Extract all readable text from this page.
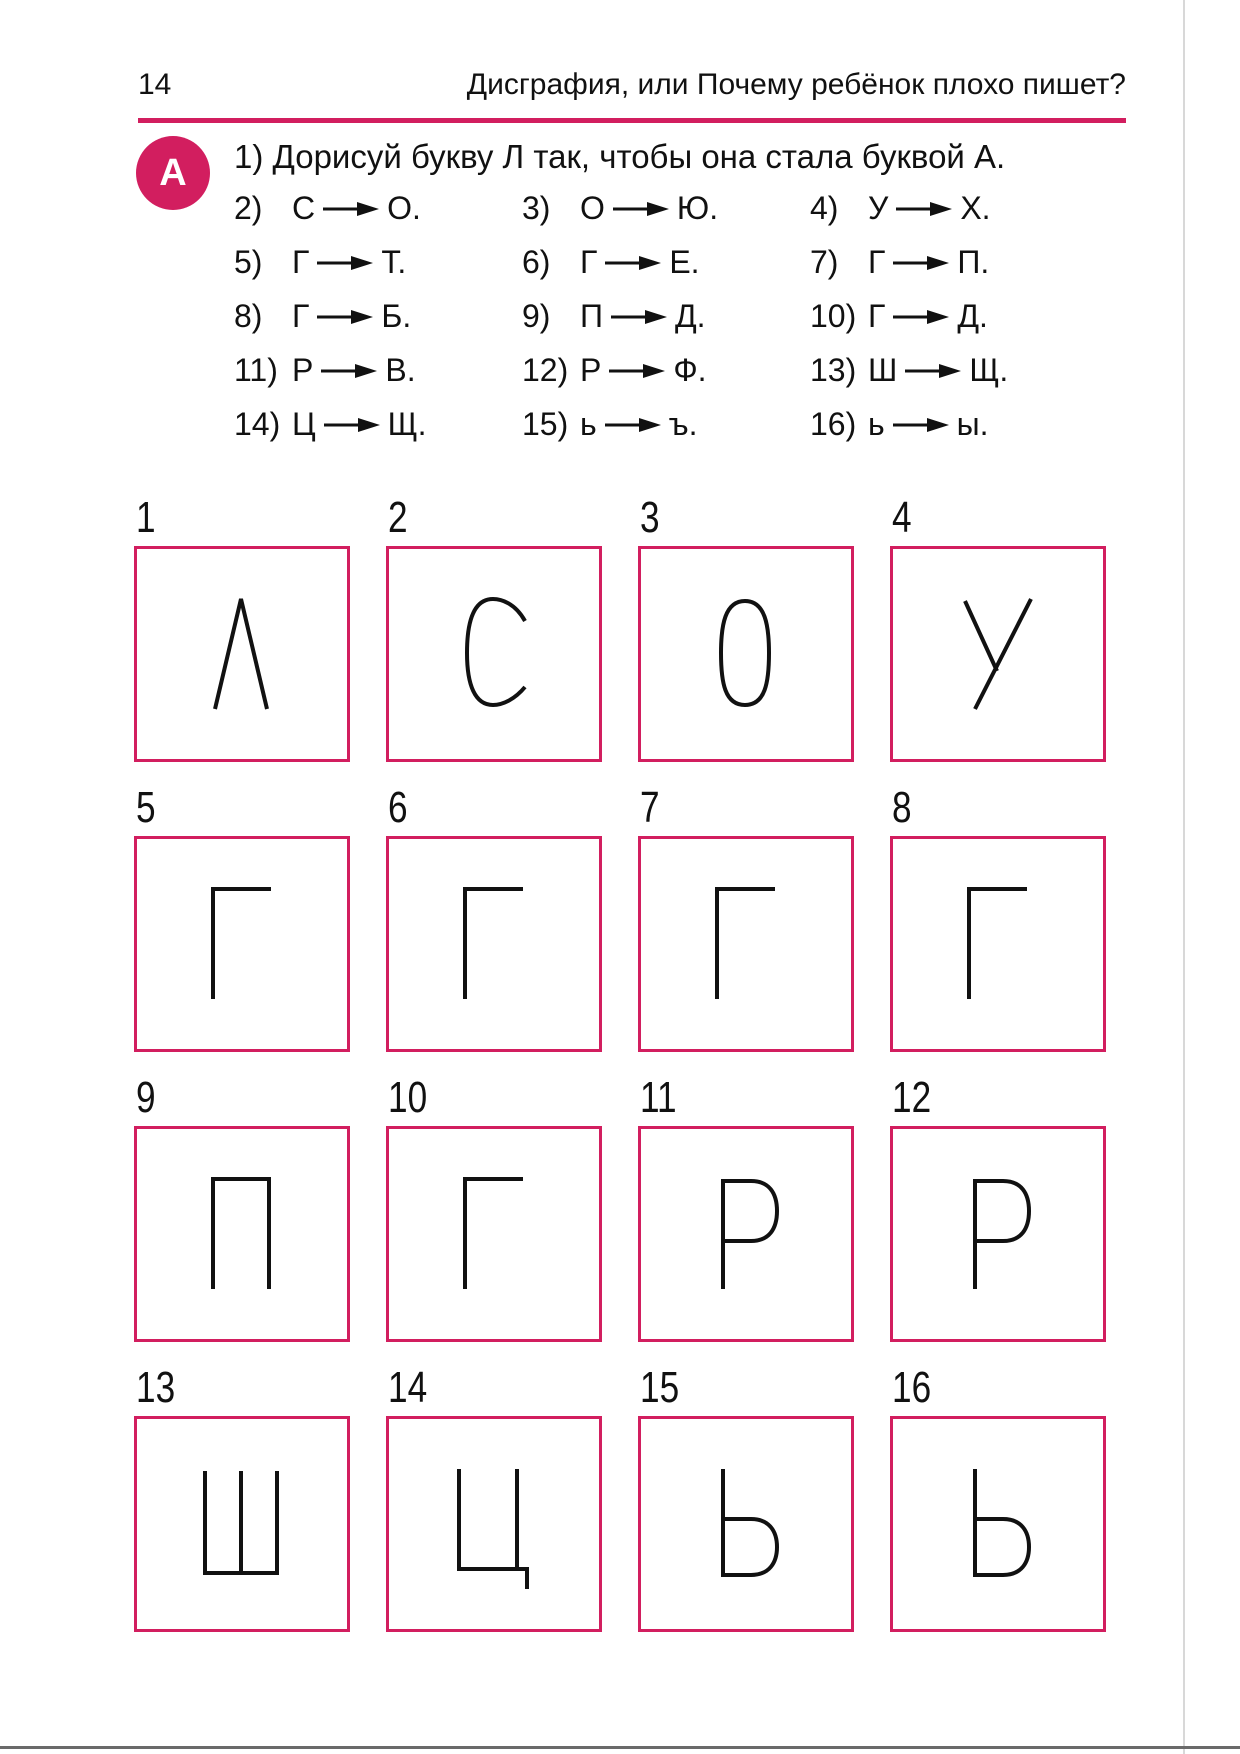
14	Дисграфия, или Почему ребёнок плохо пишет?
А	1) Дорисуй букву Л так, чтобы она стала буквой А.
2) С О.	3) О Ю.	4) У Х.
5) Г Т.	6) Г Е.	7) Г П.
8) Г Б.	9) П Д.	10) Г Д.
11) Р В.	12) Р Ф.	13) Ш Щ.
14) Ц Щ.	15) ь ъ.	16) ь ы.
1	2	3	4
5	6	7	8
9	10	11	12
13	14	15	16
